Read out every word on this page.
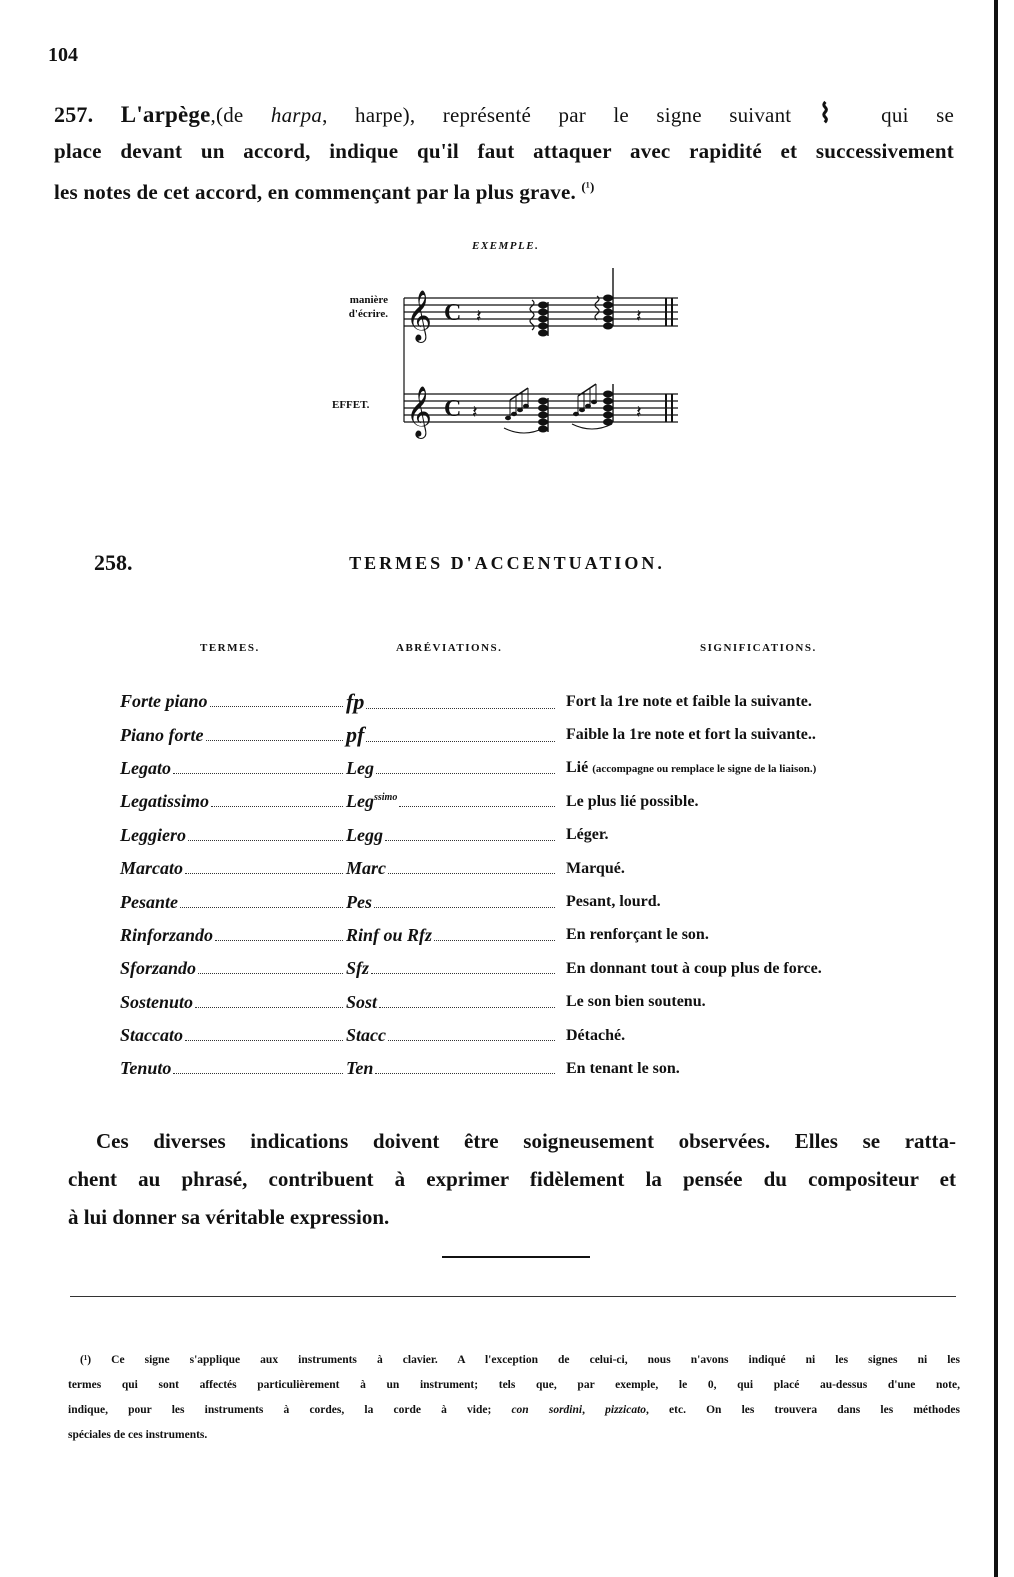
104
257. L'arpège,(de harpa, harpe), représenté par le signe suivant ⌇ qui se
place devant un accord, indique qu'il faut attaquer avec rapidité et successivement
les notes de cet accord, en commençant par la plus grave. $^{(^1)}$
EXEMPLE.
manière
d'écrire.
EFFET.
𝄞
𝄞
C
C
𝄽
𝄽
𝄽
𝄽
258.	TERMES D'ACCENTUATION.
TERMES.	ABRÉVIATIONS.	SIGNIFICATIONS.
Forte piano	fp	Fort la 1re note et faible la suivante.

Piano forte	pf	Faible la 1re note et fort la suivante..

Legato	Leg	Lié (accompagne ou remplace le signe de la liaison.)

Legatissimo	Leg$^{ssimo}$	Le plus lié possible.

Leggiero	Legg	Léger.

Marcato	Marc	Marqué.

Pesante	Pes	Pesant, lourd.

Rinforzando	Rinf ou Rfz	En renforçant le son.

Sforzando	Sfz	En donnant tout à coup plus de force.

Sostenuto	Sost	Le son bien soutenu.

Staccato	Stacc	Détaché.

Tenuto	Ten	En tenant le son.
Ces diverses indications doivent être soigneusement observées. Elles se ratta-
chent au phrasé, contribuent à exprimer fidèlement la pensée du compositeur et
à lui donner sa véritable expression.
(¹) Ce signe s'applique aux instruments à clavier. A l'exception de celui-ci, nous n'avons indiqué ni les signes ni les
termes qui sont affectés particulièrement à un instrument; tels que, par exemple, le 0, qui placé au-dessus d'une note,
indique, pour les instruments à cordes, la corde à vide; con sordini, pizzicato, etc. On les trouvera dans les méthodes
spéciales de ces instruments.
